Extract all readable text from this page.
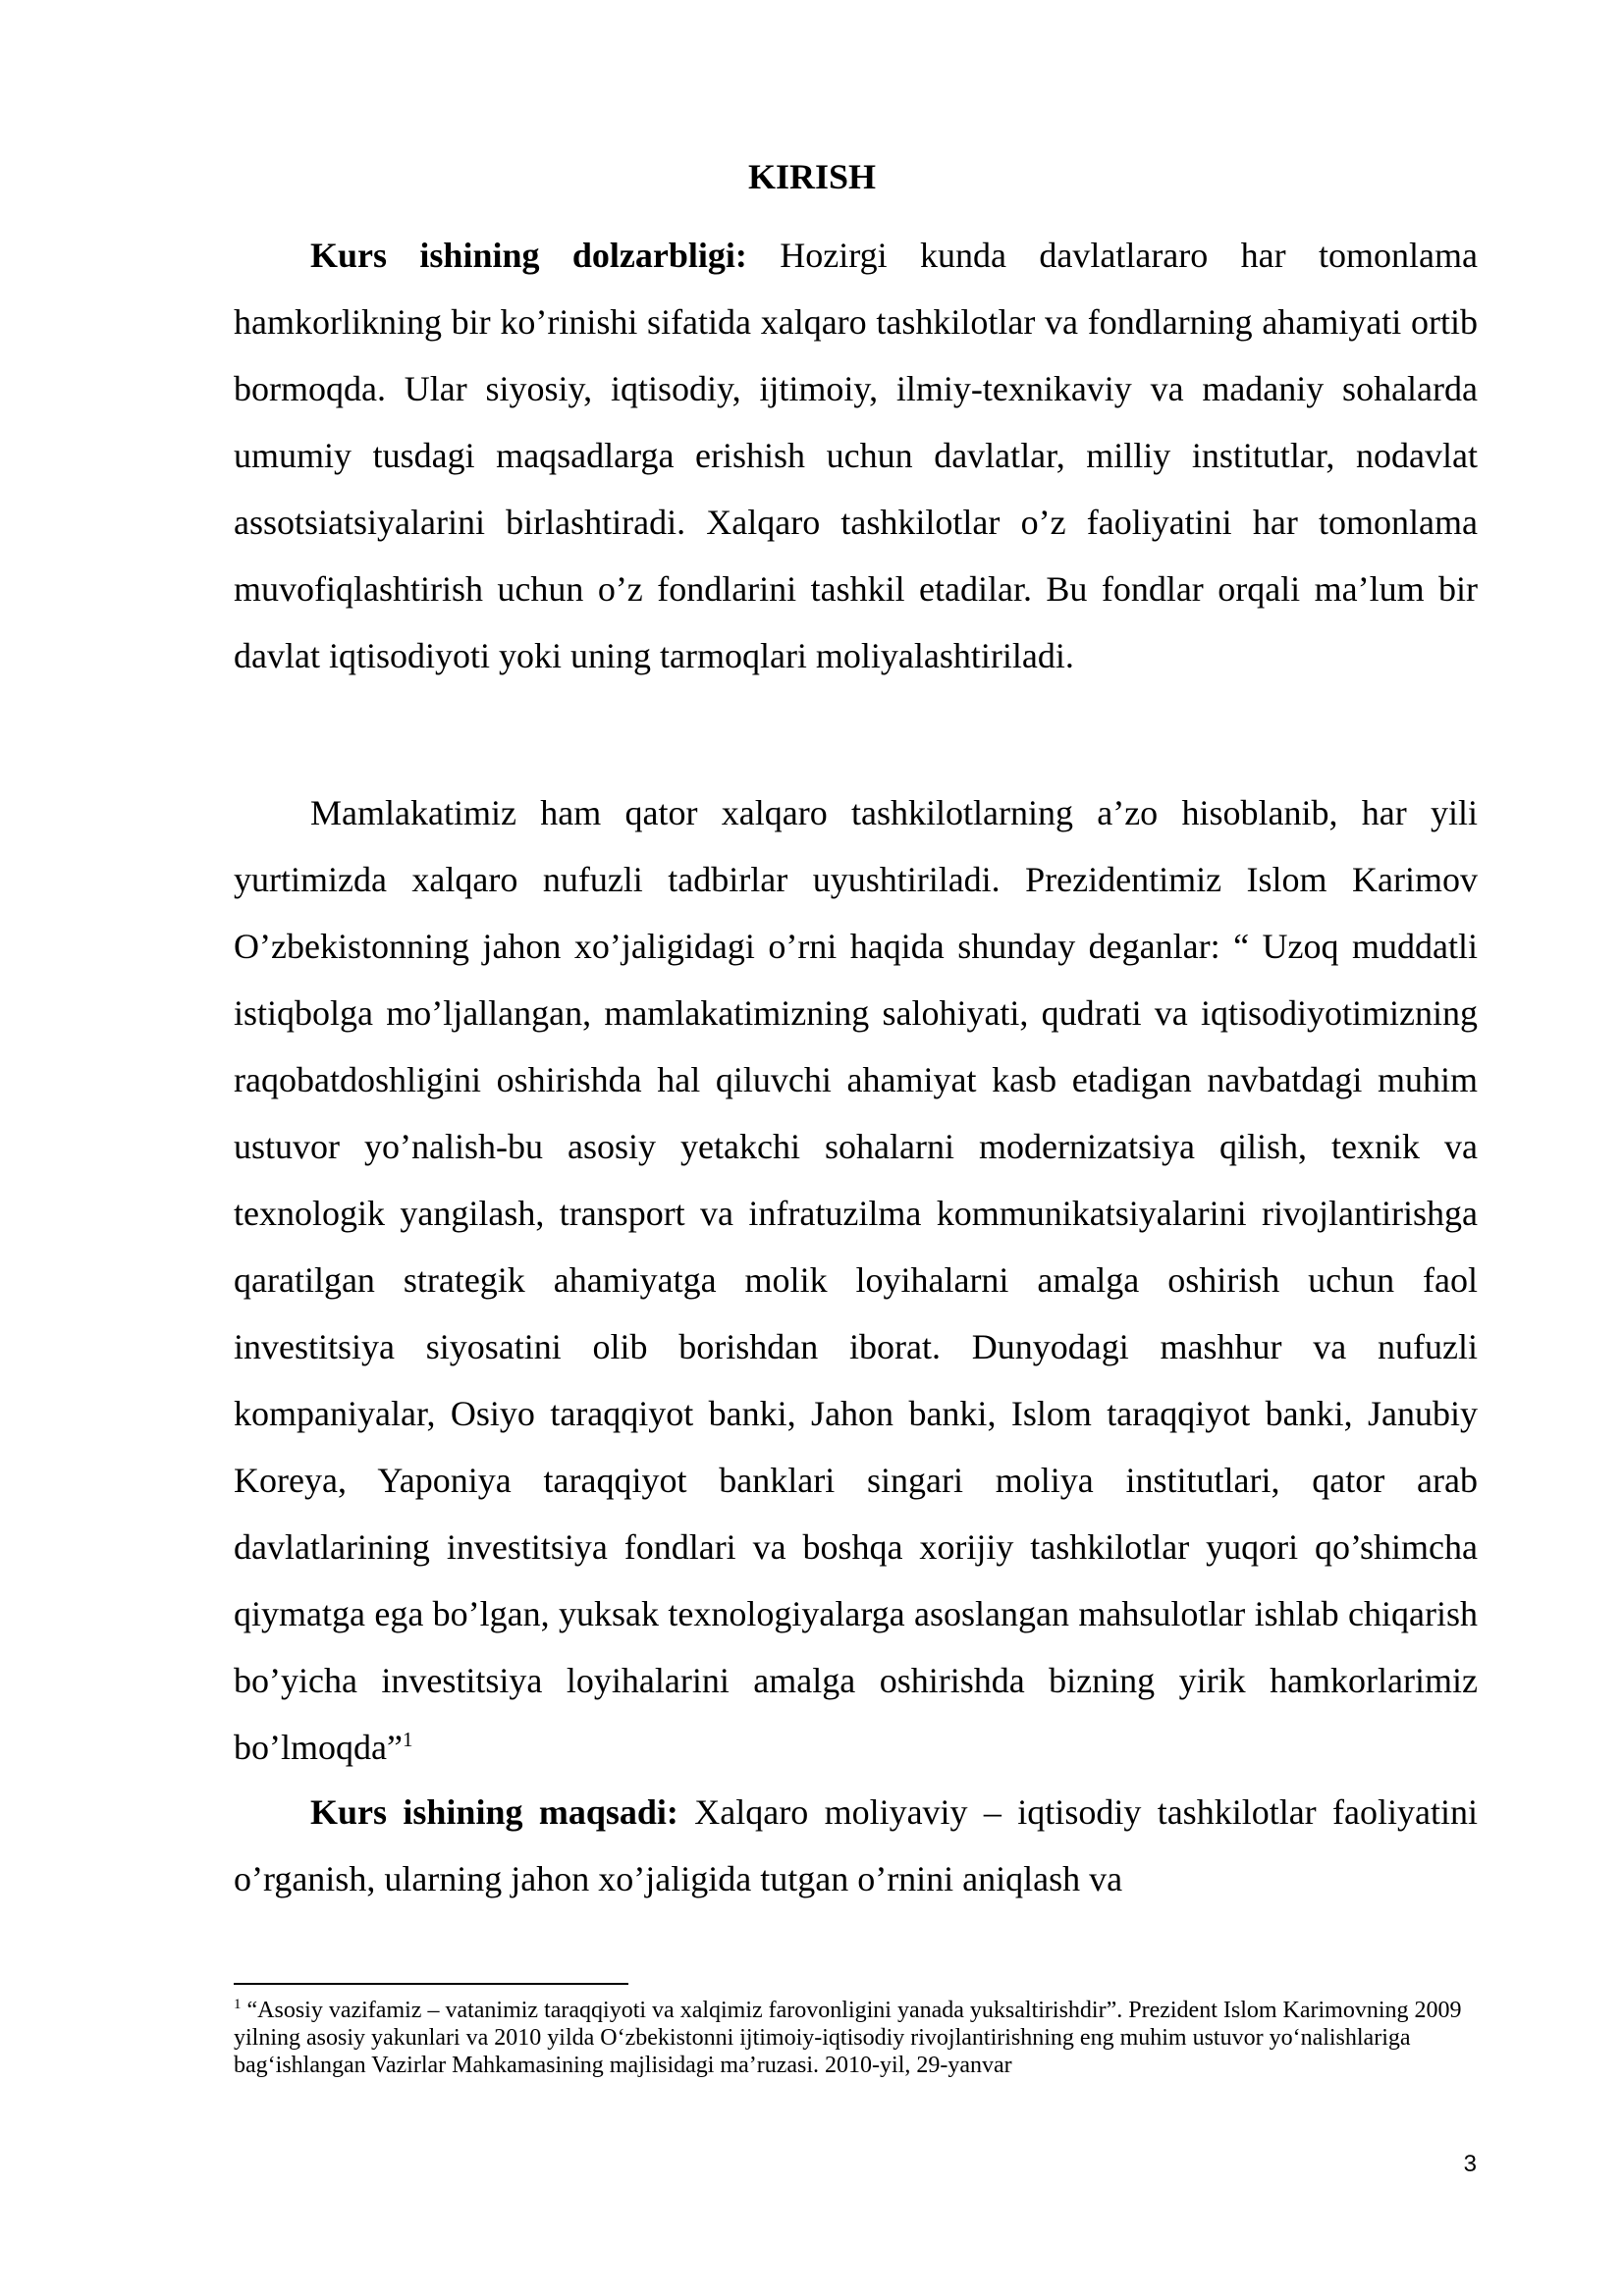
KIRISH

Kurs ishining dolzarbligi: Hozirgi kunda davlatlararo har tomonlama hamkorlikning bir ko’rinishi sifatida xalqaro tashkilotlar va fondlarning ahamiyati ortib bormoqda. Ular siyosiy, iqtisodiy, ijtimoiy, ilmiy-texnikaviy va madaniy sohalarda umumiy tusdagi maqsadlarga erishish uchun davlatlar, milliy institutlar, nodavlat assotsiatsiyalarini birlashtiradi. Xalqaro tashkilotlar o’z faoliyatini har tomonlama muvofiqlashtirish uchun o’z fondlarini tashkil etadilar. Bu fondlar orqali ma’lum bir davlat iqtisodiyoti yoki uning tarmoqlari moliyalashtiriladi.

Mamlakatimiz ham qator xalqaro tashkilotlarning a’zo hisoblanib, har yili yurtimizda xalqaro nufuzli tadbirlar uyushtiriladi. Prezidentimiz Islom Karimov O’zbekistonning jahon xo’jaligidagi o’rni haqida shunday deganlar: “ Uzoq muddatli istiqbolga mo’ljallangan, mamlakatimizning salohiyati, qudrati va iqtisodiyotimizning raqobatdoshligini oshirishda hal qiluvchi ahamiyat kasb etadigan navbatdagi muhim ustuvor yo’nalish-bu asosiy yetakchi sohalarni modernizatsiya qilish, texnik va texnologik yangilash, transport va infratuzilma kommunikatsiyalarini rivojlantirishga qaratilgan strategik ahamiyatga molik loyihalarni amalga oshirish uchun faol investitsiya siyosatini olib borishdan iborat. Dunyodagi mashhur va nufuzli kompaniyalar, Osiyo taraqqiyot banki, Jahon banki, Islom taraqqiyot banki, Janubiy Koreya, Yaponiya taraqqiyot banklari singari moliya institutlari, qator arab davlatlarining investitsiya fondlari va boshqa xorijiy tashkilotlar yuqori qo’shimcha qiymatga ega bo’lgan, yuksak texnologiyalarga asoslangan mahsulotlar ishlab chiqarish bo’yicha investitsiya loyihalarini amalga oshirishda bizning yirik hamkorlarimiz bo’lmoqda”$^1$

Kurs ishining maqsadi: Xalqaro moliyaviy – iqtisodiy tashkilotlar faoliyatini o’rganish, ularning jahon xo’jaligida tutgan o’rnini aniqlash va

$^1$ “Asosiy vazifamiz – vatanimiz taraqqiyoti va xalqimiz farovonligini yanada yuksaltirishdir”. Prezident Islom Karimovning 2009 yilning asosiy yakunlari va 2010 yilda O‘zbekistonni ijtimoiy-iqtisodiy rivojlantirishning eng muhim ustuvor yo‘nalishlariga bag‘ishlangan Vazirlar Mahkamasining majlisidagi ma’ruzasi. 2010-yil, 29-yanvar

3
